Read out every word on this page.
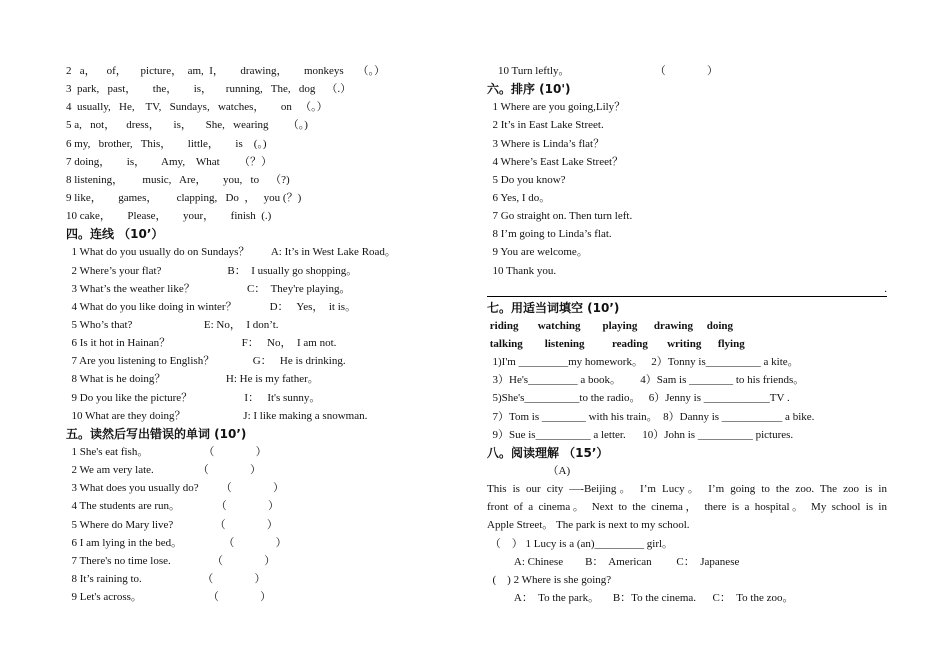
2   a，    of，     picture，  am,  I，      drawing，      monkeys     （。）
3  park,   past，      the，      is，     running,   The,   dog    （.）
4  usually,   He,    TV,   Sundays,   watches，      on   （。）
5 a,   not，    dress，     is，     She,   wearing       （。)
6 my,   brother,   This，      little，      is    (。)
7 doing，      is，      Amy,    What       （？）
8 listening，       music,   Are，      you,   to    （?)
9 like，      games，       clapping,   Do  ，   you (？)
10 cake，      Please，      your，      finish  (.)
四。连线 （10’）
1 What do you usually do on Sundays？        A: It’s in West Lake Road。
2 Where’s your flat?                        B：  I usually go shopping。
3 What’s the weather like？                   C：  They're playing。
4 What do you like doing in winter？            D：   Yes，  it is。
5 Who’s that?                          E: No，  I don’t.
6 Is it hot in Hainan？                          F：   No，  I am not.
7 Are you listening to English？              G：   He is drinking.
8 What is he doing？                      H: He is my father。
9 Do you like the picture？                   I：   It's sunny。
10 What are they doing？                     J: I like making a snowman.
五。读然后写出错误的单词 (10’)
1 She's eat fish。                    （               ）
2 We am very late.                （               ）
3 What does you usually do?        （               ）
4 The students are run。             （               ）
5 Where do Mary live?               （               ）
6 I am lying in the bed。               （               ）
7 There's no time lose.               （               ）
8 It’s raining to.                      （               ）
9 Let's across。                        （               ）
10 Turn leftly。                               （               ）
六。排序 (10')
1 Where are you going,Lily？
2 It’s in East Lake Street.
3 Where is Linda’s flat？
4 Where’s East Lake Street？
5 Do you know?
6 Yes, I do。
7 Go straight on. Then turn left.
8 I’m going to Linda’s flat.
9 You are welcome。
10 Thank you.
.
七。用适当词填空 (10’)
riding       watching        playing      drawing     doing
talking        listening          reading       writing      flying
1)I'm _________my homework。   2）Tonny is__________ a kite。
3）He's_________ a book。       4）Sam is ________ to his friends。
5)She's__________to the radio。   6）Jenny is ____________TV .
7）Tom is ________ with his train。  8）Danny is ___________ a bike.
9）Sue is__________ a letter.      10）John is __________ pictures.
八。阅读理解 （15’）
（A)
This is our city —-Beijing。 I’m Lucy。 I’m going to the zoo. The zoo is in
front of a cinema。 Next to the cinema， there is a hospital。 My school is in
Apple Street。 The park is next to my school.
（    ） 1 Lucy is a (an)_________ girl。
A: Chinese        B：  American         C：  Japanese
(    ) 2 Where is she going?
A：  To the park。     B：To the cinema.      C：  To the zoo。
